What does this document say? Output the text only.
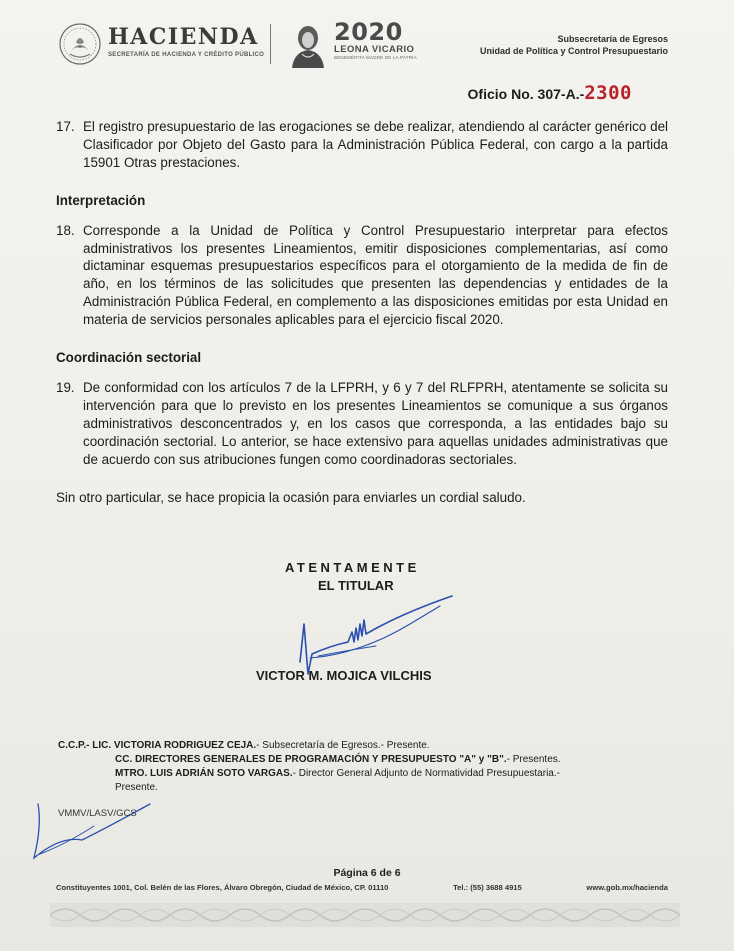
HACIENDA
SECRETARÍA DE HACIENDA Y CRÉDITO PÚBLICO
2020
LEONA VICARIO
BENEMÉRITA MADRE DE LA PATRIA
Subsecretaría de Egresos
Unidad de Política y Control Presupuestario
Oficio No. 307-A.-2300

17. El registro presupuestario de las erogaciones se debe realizar, atendiendo al carácter genérico del Clasificador por Objeto del Gasto para la Administración Pública Federal, con cargo a la partida 15901 Otras prestaciones.

Interpretación

18. Corresponde a la Unidad de Política y Control Presupuestario interpretar para efectos administrativos los presentes Lineamientos, emitir disposiciones complementarias, así como dictaminar esquemas presupuestarios específicos para el otorgamiento de la medida de fin de año, en los términos de las solicitudes que presenten las dependencias y entidades de la Administración Pública Federal, en complemento a las disposiciones emitidas por esta Unidad en materia de servicios personales aplicables para el ejercicio fiscal 2020.

Coordinación sectorial

19. De conformidad con los artículos 7 de la LFPRH, y 6 y 7 del RLFPRH, atentamente se solicita su intervención para que lo previsto en los presentes Lineamientos se comunique a sus órganos administrativos desconcentrados y, en los casos que corresponda, a las entidades bajo su coordinación sectorial. Lo anterior, se hace extensivo para aquellas unidades administrativas que de acuerdo con sus atribuciones fungen como coordinadoras sectoriales.

Sin otro particular, se hace propicia la ocasión para enviarles un cordial saludo.

ATENTAMENTE
EL TITULAR
VICTOR M. MOJICA VILCHIS
C.C.P.- LIC. VICTORIA RODRIGUEZ CEJA.- Subsecretaría de Egresos.- Presente.
CC. DIRECTORES GENERALES DE PROGRAMACIÓN Y PRESUPUESTO "A" y "B".- Presentes.
MTRO. LUIS ADRIÁN SOTO VARGAS.- Director General Adjunto de Normatividad Presupuestaria.-
Presente.
VMMV/LASV/GCS
Página 6 de 6
Constituyentes 1001, Col. Belén de las Flores, Álvaro Obregón, Ciudad de México, CP. 01110	Tel.: (55) 3688 4915	www.gob.mx/hacienda
